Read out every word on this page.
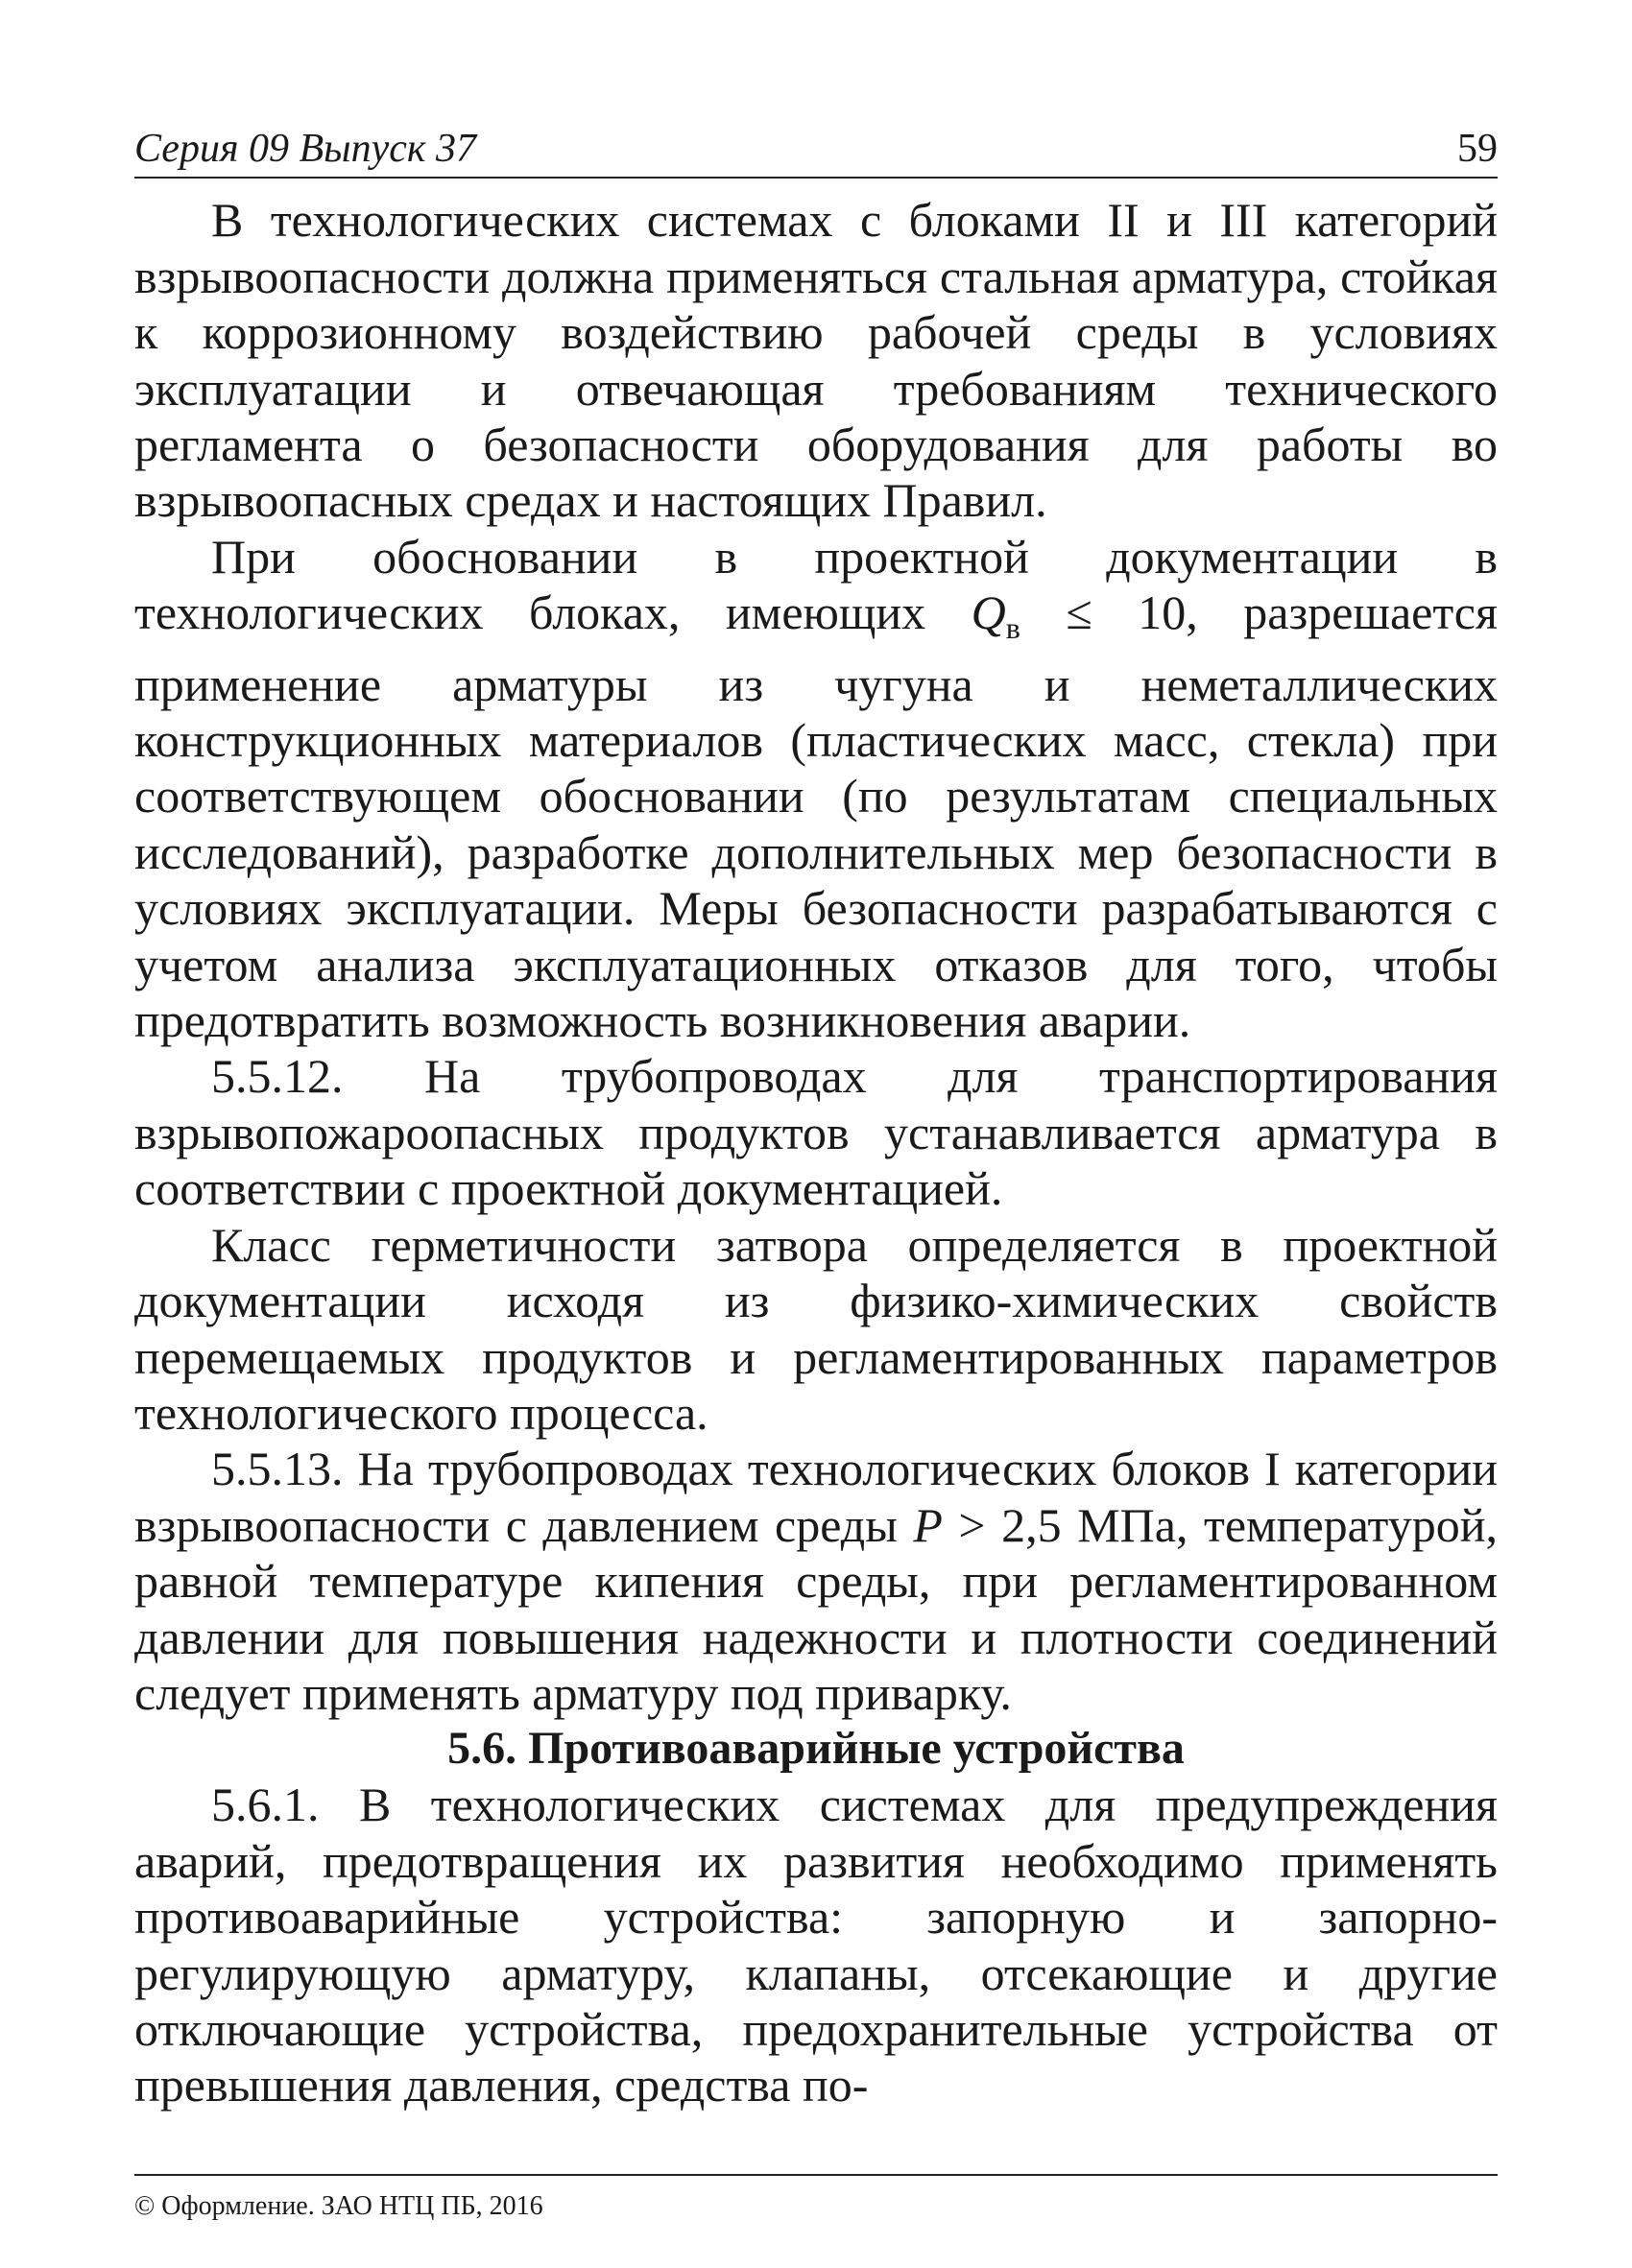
Серия 09 Выпуск 37	59

В технологических системах с блоками II и III категорий взрывоопасности должна применяться стальная арматура, стойкая к коррозионному воздействию рабочей среды в условиях эксплуатации и отвечающая требованиям технического регламента о безопасности оборудования для работы во взрывоопасных средах и настоящих Правил.

При обосновании в проектной документации в технологических блоках, имеющих $Q_в \le 10$, разрешается применение арматуры из чугуна и неметаллических конструкционных материалов (пластических масс, стекла) при соответствующем обосновании (по результатам специальных исследований), разработке дополнительных мер безопасности в условиях эксплуатации. Меры безопасности разрабатываются с учетом анализа эксплуатационных отказов для того, чтобы предотвратить возможность возникновения аварии.

5.5.12. На трубопроводах для транспортирования взрывопожароопасных продуктов устанавливается арматура в соответствии с проектной документацией.

Класс герметичности затвора определяется в проектной документации исходя из физико-химических свойств перемещаемых продуктов и регламентированных параметров технологического процесса.

5.5.13. На трубопроводах технологических блоков I категории взрывоопасности с давлением среды P > 2,5 МПа, температурой, равной температуре кипения среды, при регламентированном давлении для повышения надежности и плотности соединений следует применять арматуру под приварку.

5.6. Противоаварийные устройства

5.6.1. В технологических системах для предупреждения аварий, предотвращения их развития необходимо применять противоаварийные устройства: запорную и запорно-регулирующую арматуру, клапаны, отсекающие и другие отключающие устройства, предохранительные устройства от превышения давления, средства по-

© Оформление. ЗАО НТЦ ПБ, 2016
